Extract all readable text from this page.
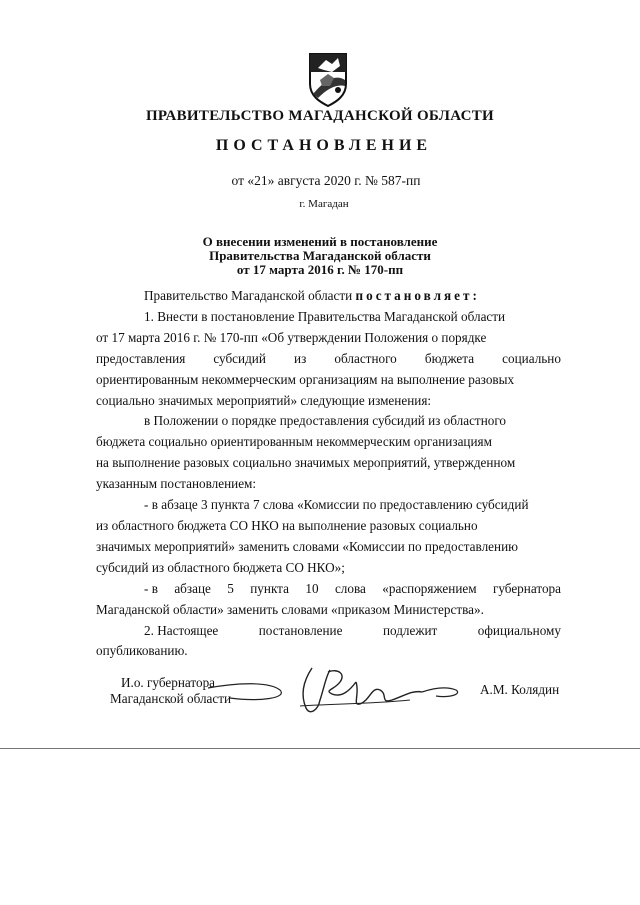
ПРАВИТЕЛЬСТВО МАГАДАНСКОЙ ОБЛАСТИ
ПОСТАНОВЛЕНИЕ
от «21» августа 2020 г. № 587-пп
г. Магадан
О внесении изменений в постановление
Правительства Магаданской области
от 17 марта 2016 г. № 170-пп
Правительство Магаданской области постановляет:
1. Внести в постановление Правительства Магаданской области
от 17 марта 2016 г. № 170-пп «Об утверждении Положения о порядке
предоставления субсидий из областного бюджета социально
ориентированным некоммерческим организациям на выполнение разовых
социально значимых мероприятий» следующие изменения:
в Положении о порядке предоставления субсидий из областного
бюджета социально ориентированным некоммерческим организациям
на выполнение разовых социально значимых мероприятий, утвержденном
указанным постановлением:
- в абзаце 3 пункта 7 слова «Комиссии по предоставлению субсидий
из областного бюджета СО НКО на выполнение разовых социально
значимых мероприятий» заменить словами «Комиссии по предоставлению
субсидий из областного бюджета СО НКО»;
- в абзаце 5 пункта 10 слова «распоряжением губернатора
Магаданской области» заменить словами «приказом Министерства».
2. Настоящее	постановление	подлежит	официальному
опубликованию.
И.о. губернатора
Магаданской области
А.М. Колядин
